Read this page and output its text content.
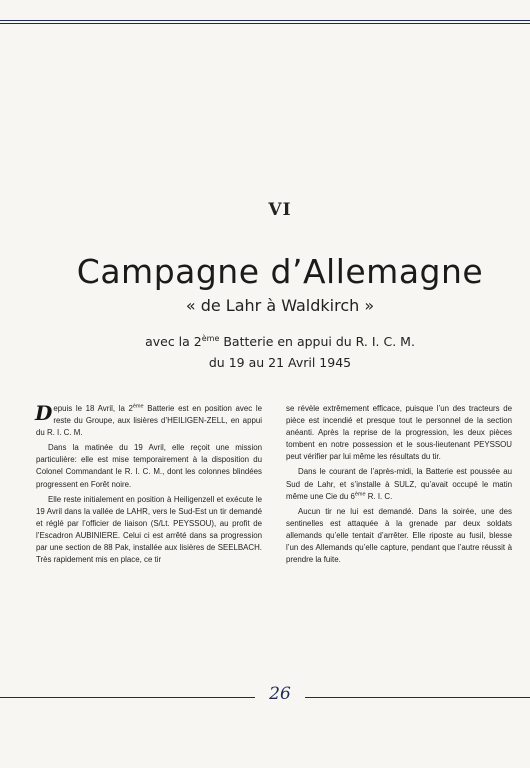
VI
Campagne d’Allemagne
« de Lahr à Waldkirch »
avec la 2ème Batterie en appui du R. I. C. M.
du 19 au 21 Avril 1945

Depuis le 18 Avril, la 2ème Batterie est en position avec le reste du Groupe, aux lisières d’HEILIGEN-ZELL, en appui du R. I. C. M.

Dans la matinée du 19 Avril, elle reçoit une mission particulière: elle est mise temporairement à la disposition du Colonel Commandant le R. I. C. M., dont les colonnes blindées progressent en Forêt noire.

Elle reste initialement en position à Heiligenzell et exécute le 19 Avril dans la vallée de LAHR, vers le Sud-Est un tir demandé et réglé par l’officier de liaison (S/Lt. PEYSSOU), au profit de l’Escadron AUBINIERE. Celui ci est arrêté dans sa progression par une section de 88 Pak, installée aux lisières de SEELBACH. Très rapidement mis en place, ce tir

se révèle extrêmement efficace, puisque l’un des tracteurs de pièce est incendié et presque tout le personnel de la section anéanti. Après la reprise de la progression, les deux pièces tombent en notre possession et le sous-lieutenant PEYSSOU peut vérifier par lui même les résultats du tir.

Dans le courant de l’après-midi, la Batterie est poussée au Sud de Lahr, et s’installe à SULZ, qu’avait occupé le matin même une Cie du 6ème R. I. C.

Aucun tir ne lui est demandé. Dans la soirée, une des sentinelles est attaquée à la grenade par deux soldats allemands qu’elle tentait d’arrêter. Elle riposte au fusil, blesse l’un des Allemands qu’elle capture, pendant que l’autre réussit à prendre la fuite.

26
